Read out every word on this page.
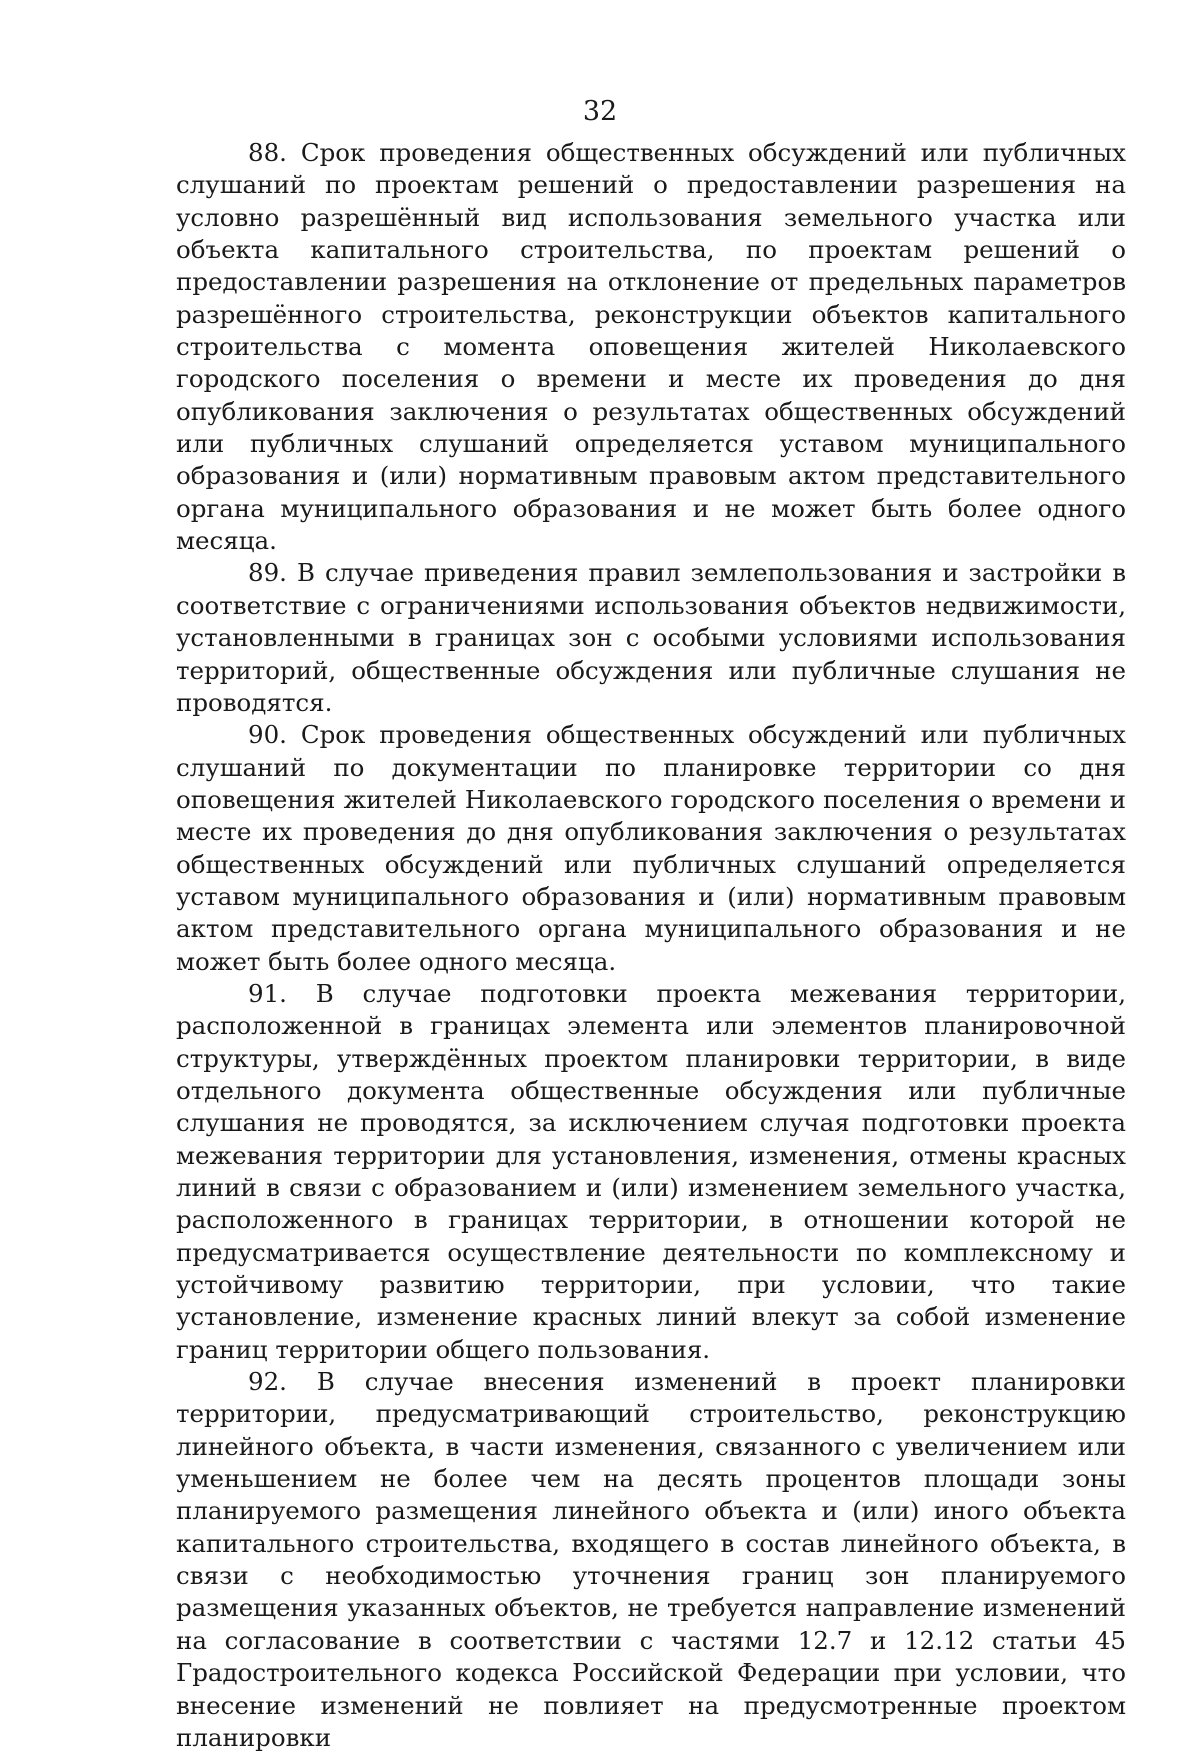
32

88. Срок проведения общественных обсуждений или публичных слушаний по проектам решений о предоставлении разрешения на условно разрешённый вид использования земельного участка или объекта капитального строительства, по проектам решений о предоставлении разрешения на отклонение от предельных параметров разрешённого строительства, реконструкции объектов капитального строительства с момента оповещения жителей Николаевского городского поселения о времени и месте их проведения до дня опубликования заключения о результатах общественных обсуждений или публичных слушаний определяется уставом муниципального образования и (или) нормативным правовым актом представительного органа муниципального образования и не может быть более одного месяца.

89. В случае приведения правил землепользования и застройки в соответствие с ограничениями использования объектов недвижимости, установленными в границах зон с особыми условиями использования территорий, общественные обсуждения или публичные слушания не проводятся.

90. Срок проведения общественных обсуждений или публичных слушаний по документации по планировке территории со дня оповещения жителей Николаевского городского поселения о времени и месте их проведения до дня опубликования заключения о результатах общественных обсуждений или публичных слушаний определяется уставом муниципального образования и (или) нормативным правовым актом представительного органа муниципального образования и не может быть более одного месяца.

91. В случае подготовки проекта межевания территории, расположенной в границах элемента или элементов планировочной структуры, утверждённых проектом планировки территории, в виде отдельного документа общественные обсуждения или публичные слушания не проводятся, за исключением случая подготовки проекта межевания территории для установления, изменения, отмены красных линий в связи с образованием и (или) изменением земельного участка, расположенного в границах территории, в отношении которой не предусматривается осуществление деятельности по комплексному и устойчивому развитию территории, при условии, что такие установление, изменение красных линий влекут за собой изменение границ территории общего пользования.

92. В случае внесения изменений в проект планировки территории, предусматривающий строительство, реконструкцию линейного объекта, в части изменения, связанного с увеличением или уменьшением не более чем на десять процентов площади зоны планируемого размещения линейного объекта и (или) иного объекта капитального строительства, входящего в состав линейного объекта, в связи с необходимостью уточнения границ зон планируемого размещения указанных объектов, не требуется направление изменений на согласование в соответствии с частями 12.7 и 12.12 статьи 45 Градостроительного кодекса Российской Федерации при условии, что внесение изменений не повлияет на предусмотренные проектом планировки
